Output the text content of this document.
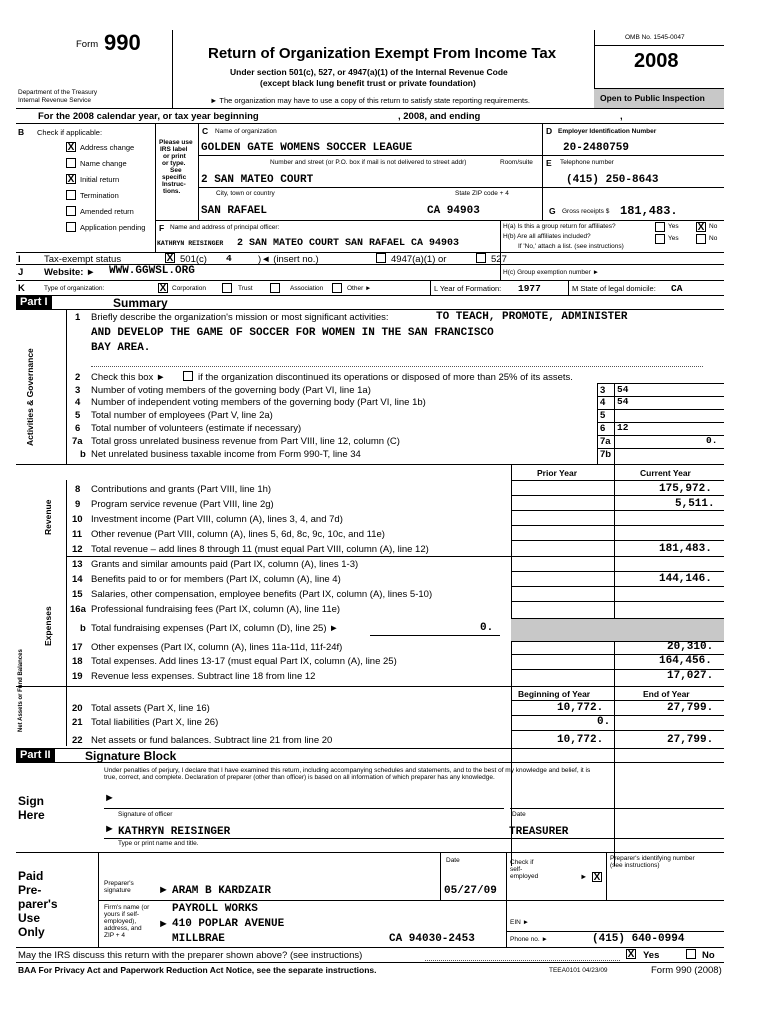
Form 990
Department of the Treasury
Internal Revenue Service
Return of Organization Exempt From Income Tax
Under section 501(c), 527, or 4947(a)(1) of the Internal Revenue Code
(except black lung benefit trust or private foundation)
► The organization may have to use a copy of this return to satisfy state reporting requirements.
OMB No. 1545-0047
2008
Open to Public Inspection
For the 2008 calendar year, or tax year beginning	, 2008, and ending	,
B Check if applicable:
X Address change
Name change
X Initial return
Termination
Amended return
Application pending
Please use
IRS label
or print
or type.
See
specific
Instruc-
tions.
C Name of organization
GOLDEN GATE WOMENS SOCCER LEAGUE
Number and street (or P.O. box if mail is not delivered to street addr)	Room/suite
2 SAN MATEO COURT
City, town or country	State ZIP code + 4
SAN RAFAEL	CA 94903
D Employer Identification Number
20-2480759
E Telephone number
(415) 250-8643
G Gross receipts $ 181,483.
F Name and address of principal officer:
KATHRYN REISINGER 2 SAN MATEO COURT SAN RAFAEL CA 94903
H(a) Is this a group return for affiliates?	Yes X No
H(b) Are all affiliates included?	Yes	No
If 'No,' attach a list. (see instructions)
I Tax-exempt status	X 501(c) 4	)◄ (insert no.)	4947(a)(1) or	527
J Website: ► WWW.GGWSL.ORG	H(c) Group exemption number ►
K	Type of organization:	X Corporation	Trust	Association	Other ►	L Year of Formation: 1977	M State of legal domicile: CA
Part I	Summary
Activities & Governance
1 Briefly describe the organization's mission or most significant activities:	TO TEACH, PROMOTE, ADMINISTER
AND DEVELOP THE GAME OF SOCCER FOR WOMEN IN THE SAN FRANCISCO
BAY AREA.
2 Check this box ►	if the organization discontinued its operations or disposed of more than 25% of its assets.
3 Number of voting members of the governing body (Part VI, line 1a)	3 54
4 Number of independent voting members of the governing body (Part VI, line 1b)	4 54
5 Total number of employees (Part V, line 2a)	5
6 Total number of volunteers (estimate if necessary)	6 12
7a Total gross unrelated business revenue from Part VIII, line 12, column (C)	7a	0.
b Net unrelated business taxable income from Form 990-T, line 34	7b
Prior Year	Current Year
Revenue
8 Contributions and grants (Part VIII, line 1h)	175,972.
9 Program service revenue (Part VIII, line 2g)	5,511.
10 Investment income (Part VIII, column (A), lines 3, 4, and 7d)
11 Other revenue (Part VIII, column (A), lines 5, 6d, 8c, 9c, 10c, and 11e)
12 Total revenue – add lines 8 through 11 (must equal Part VIII, column (A), line 12)	181,483.
Expenses
13 Grants and similar amounts paid (Part IX, column (A), lines 1-3)
14 Benefits paid to or for members (Part IX, column (A), line 4)	144,146.
15 Salaries, other compensation, employee benefits (Part IX, column (A), lines 5-10)
16a Professional fundraising fees (Part IX, column (A), line 11e)
b Total fundraising expenses (Part IX, column (D), line 25) ►	0.
17 Other expenses (Part IX, column (A), lines 11a-11d, 11f-24f)	20,310.
18 Total expenses. Add lines 13-17 (must equal Part IX, column (A), line 25)	164,456.
19 Revenue less expenses. Subtract line 18 from line 12	17,027.
Beginning of Year	End of Year
Net Assets or Fund Balances	20 Total assets (Part X, line 16)	10,772.	27,799.
21 Total liabilities (Part X, line 26)	0.
22 Net assets or fund balances. Subtract line 21 from line 20	10,772.	27,799.
Part II	Signature Block
Under penalties of perjury, I declare that I have examined this return, including accompanying schedules and statements, and to the best of my knowledge and belief, it is
true, correct, and complete. Declaration of preparer (other than officer) is based on all information of which preparer has any knowledge.
Sign
Here
►
Signature of officer	Date
► KATHRYN REISINGER	TREASURER
Type or print name and title.
Paid
Pre-
parer's
Use
Only
Date	Check if
self-
employed	► X
Preparer's identifying number
(see instructions)
Preparer's
signature ► ARAM B KARDZAIR	05/27/09
Firm's name (or
yours if self-
employed),
address, and
ZIP + 4
PAYROLL WORKS
► 410 POPLAR AVENUE
MILLBRAE	CA 94030-2453
EIN ►
Phone no. ►	(415) 640-0994
May the IRS discuss this return with the preparer shown above? (see instructions)	X Yes	No
BAA For Privacy Act and Paperwork Reduction Act Notice, see the separate instructions.	TEEA0101 04/23/09	Form 990 (2008)
